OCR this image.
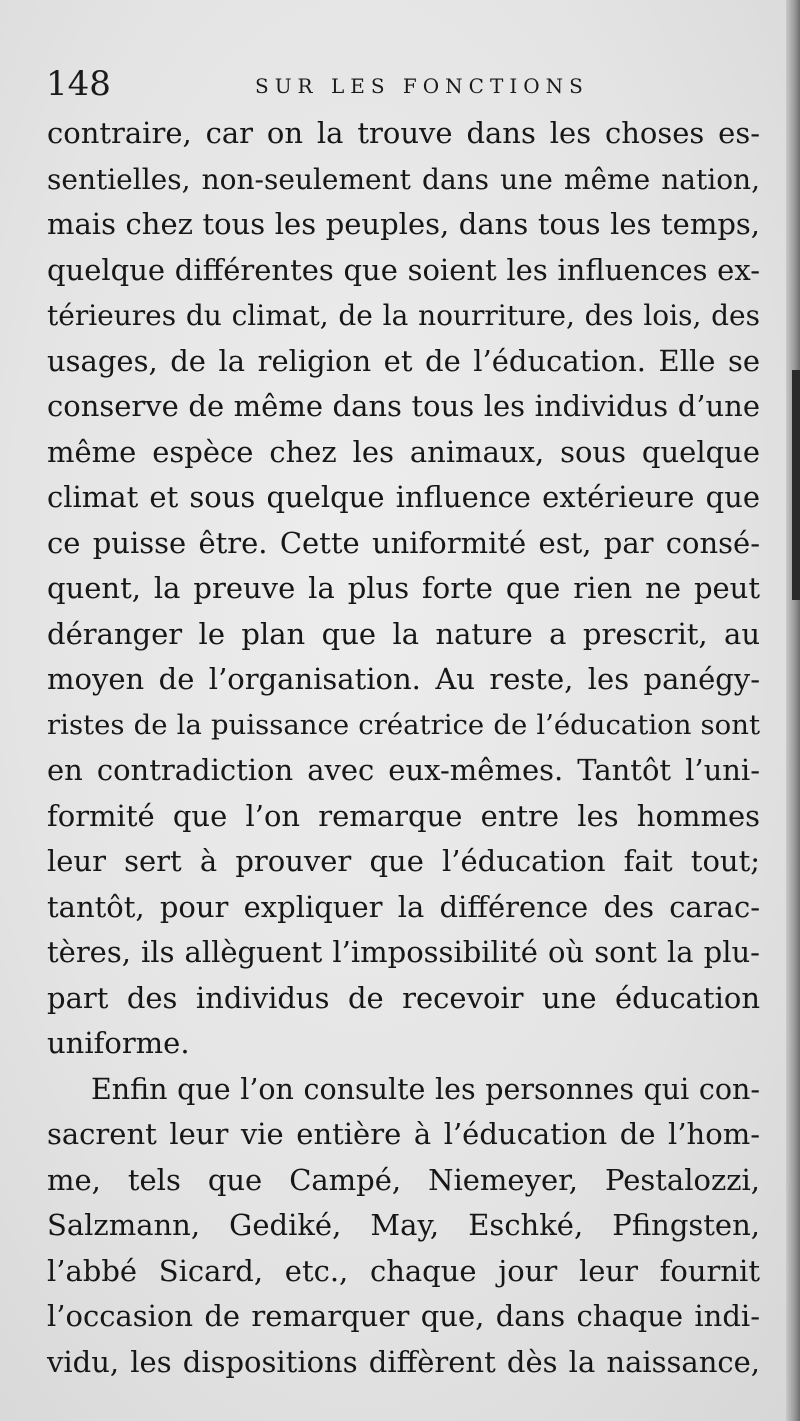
148	SUR LES FONCTIONS
contraire, car on la trouve dans les choses es-
sentielles, non-seulement dans une même nation,
mais chez tous les peuples, dans tous les temps,
quelque différentes que soient les influences ex-
térieures du climat, de la nourriture, des lois, des
usages, de la religion et de l’éducation. Elle se
conserve de même dans tous les individus d’une
même espèce chez les animaux, sous quelque
climat et sous quelque influence extérieure que
ce puisse être. Cette uniformité est, par consé-
quent, la preuve la plus forte que rien ne peut
déranger le plan que la nature a prescrit, au
moyen de l’organisation. Au reste, les panégy-
ristes de la puissance créatrice de l’éducation sont
en contradiction avec eux-mêmes. Tantôt l’uni-
formité que l’on remarque entre les hommes
leur sert à prouver que l’éducation fait tout;
tantôt, pour expliquer la différence des carac-
tères, ils allèguent l’impossibilité où sont la plu-
part des individus de recevoir une éducation
uniforme.
Enfin que l’on consulte les personnes qui con-
sacrent leur vie entière à l’éducation de l’hom-
me, tels que Campé, Niemeyer, Pestalozzi,
Salzmann, Gediké, May, Eschké, Pfingsten,
l’abbé Sicard, etc., chaque jour leur fournit
l’occasion de remarquer que, dans chaque indi-
vidu, les dispositions diffèrent dès la naissance,
